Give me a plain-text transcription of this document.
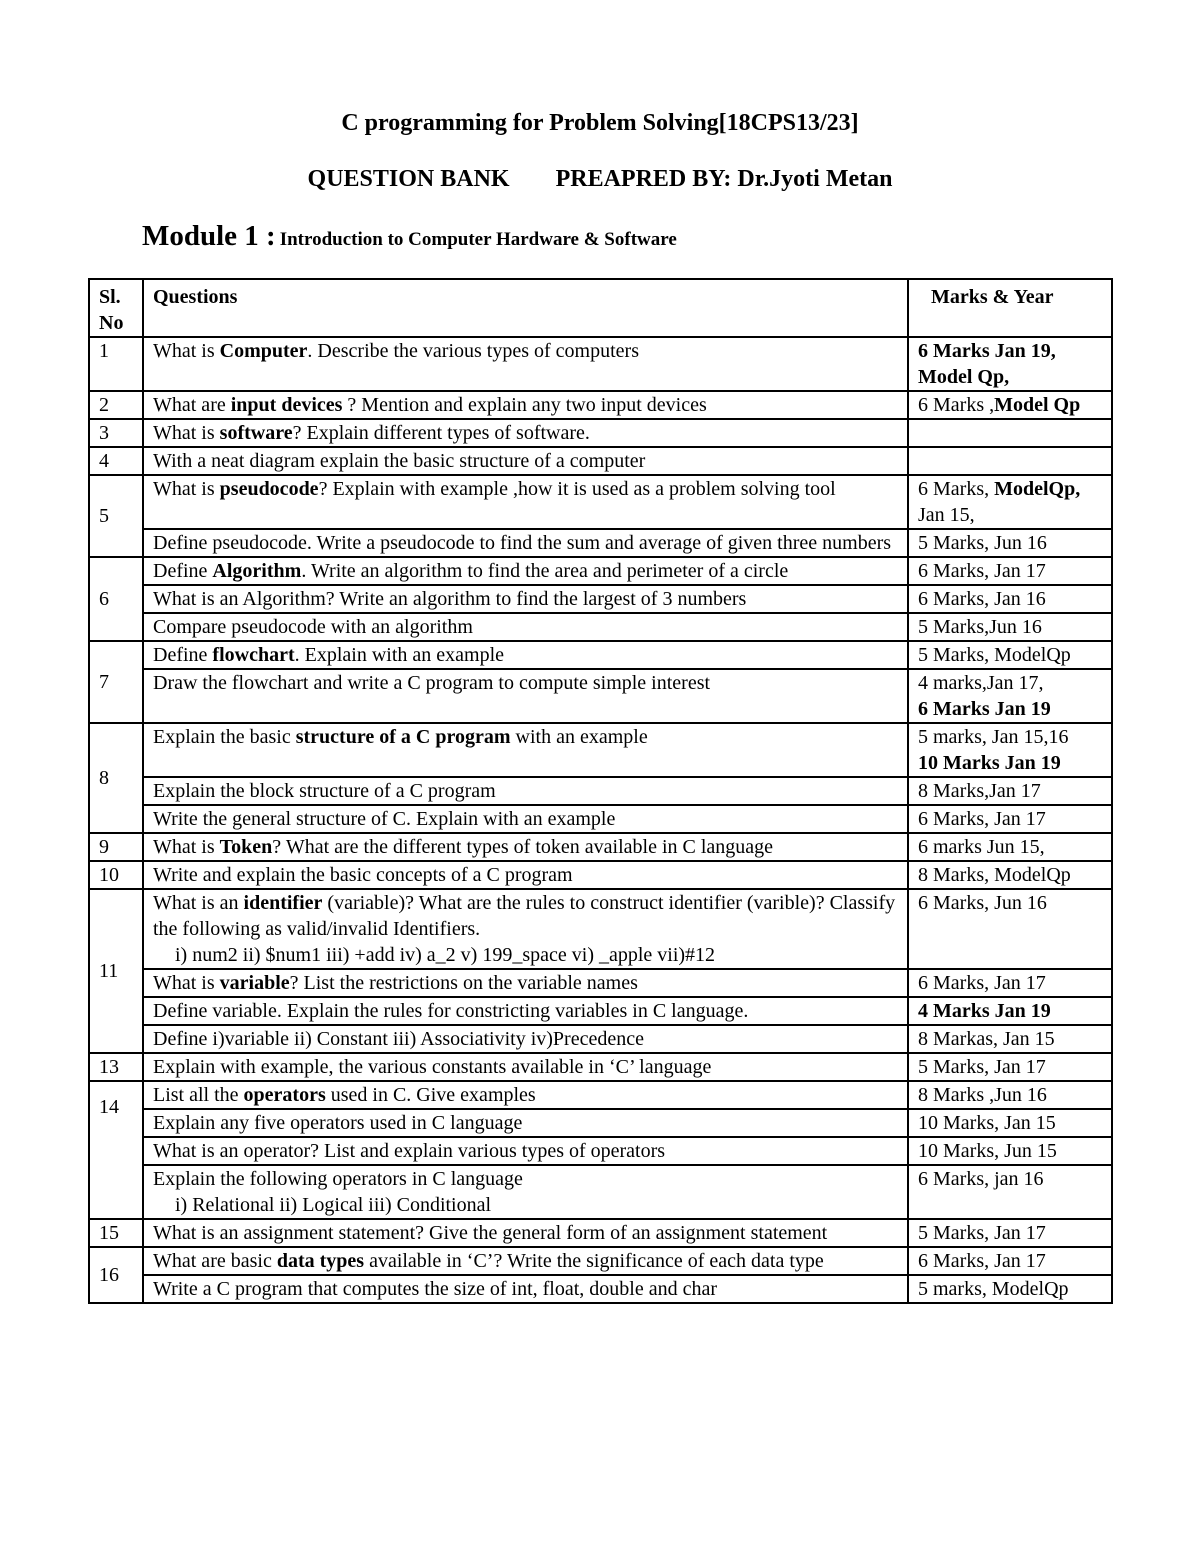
C programming for Problem Solving[18CPS13/23]
QUESTION BANK PREAPRED BY: Dr.Jyoti Metan
Module 1 : Introduction to Computer Hardware & Software
Sl. No	Questions	Marks & Year
1	What is Computer. Describe the various types of computers	6 Marks Jan 19, Model Qp,
2	What are input devices ? Mention and explain any two input devices	6 Marks ,Model Qp
3	What is software? Explain different types of software.	
4	With a neat diagram explain the basic structure of a computer	
5	What is pseudocode? Explain with example ,how it is used as a problem solving tool	6 Marks, ModelQp, Jan 15,
	Define pseudocode. Write a pseudocode to find the sum and average of given three numbers	5 Marks, Jun 16
6	Define Algorithm. Write an algorithm to find the area and perimeter of a circle	6 Marks, Jan 17
	What is an Algorithm? Write an algorithm to find the largest of 3 numbers	6 Marks, Jan 16
	Compare pseudocode with an algorithm	5 Marks,Jun 16
7	Define flowchart. Explain with an example	5 Marks, ModelQp
	Draw the flowchart and write a C program to compute simple interest	4 marks,Jan 17,
6 Marks Jan 19

8	Explain the basic structure of a C program with an example	5 marks, Jan 15,16
10 Marks Jan 19

	Explain the block structure of a C program	8 Marks,Jan 17
	Write the general structure of C. Explain with an example	6 Marks, Jan 17
9	What is Token? What are the different types of token available in C language	6 marks Jun 15,
10	Write and explain the basic concepts of a C program	8 Marks, ModelQp
11	What is an identifier (variable)? What are the rules to construct identifier (varible)? Classify the following as valid/invalid Identifiers.
i) num2 ii) $num1 iii) +add iv) a_2 v) 199_space vi) _apple vii)#12	6 Marks, Jun 16
	What is variable? List the restrictions on the variable names	6 Marks, Jan 17
	Define variable. Explain the rules for constricting variables in C language.	4 Marks Jan 19
	Define i)variable ii) Constant iii) Associativity iv)Precedence	8 Markas, Jan 15
13	Explain with example, the various constants available in ‘C’ language	5 Marks, Jan 17
14	List all the operators used in C. Give examples	8 Marks ,Jun 16
	Explain any five operators used in C language	10 Marks, Jan 15
	What is an operator? List and explain various types of operators	10 Marks, Jun 15

	Explain the following operators in C language
i) Relational ii) Logical iii) Conditional	6 Marks, jan 16
15	What is an assignment statement? Give the general form of an assignment statement	5 Marks, Jan 17
16	What are basic data types available in ‘C’? Write the significance of each data type	6 Marks, Jan 17
	Write a C program that computes the size of int, float, double and char	5 marks, ModelQp
